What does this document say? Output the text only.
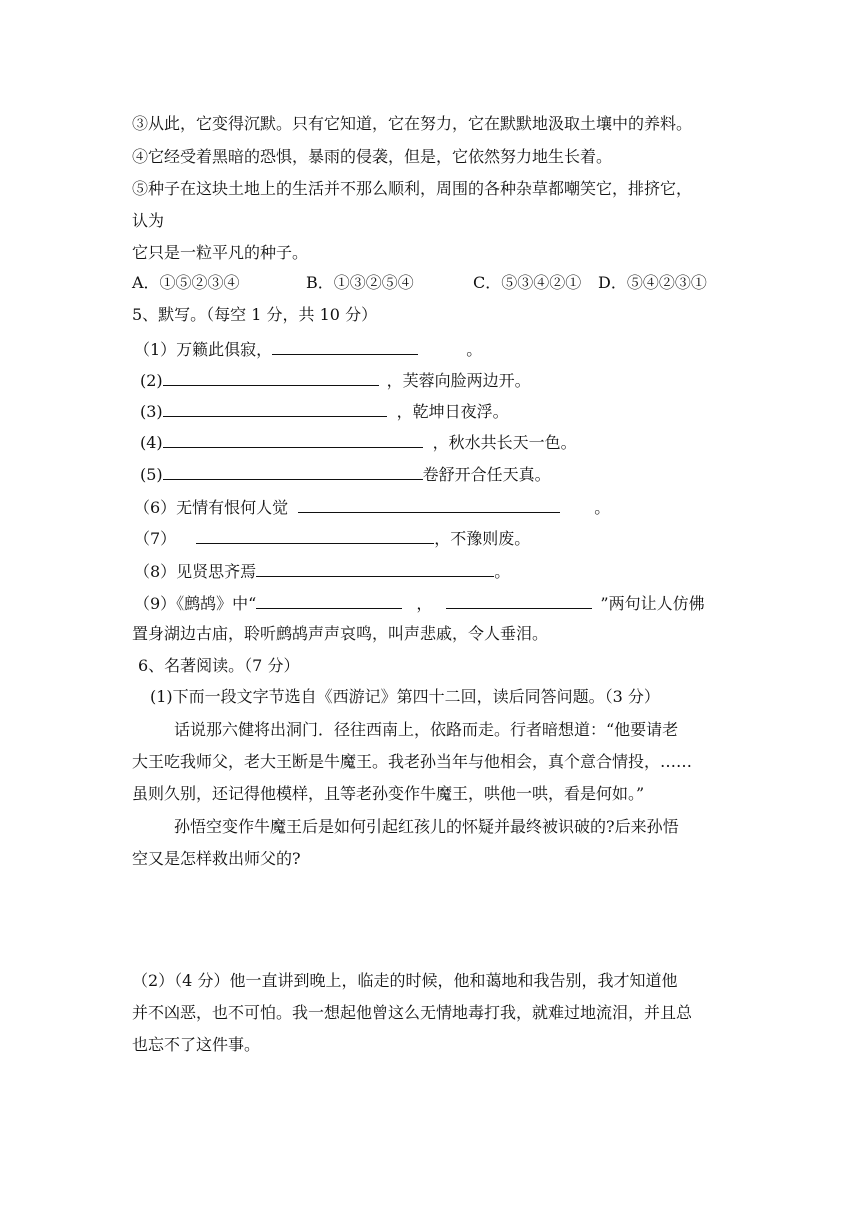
③从此，它变得沉默。只有它知道，它在努力，它在默默地汲取土壤中的养料。
④它经受着黑暗的恐惧，暴雨的侵袭，但是，它依然努力地生长着。
⑤种子在这块土地上的生活并不那么顺利，周围的各种杂草都嘲笑它，排挤它，
认为
它只是一粒平凡的种子。
A．①⑤②③④	B．①③②⑤④	C．⑤③④②① D．⑤④②③①
5、默写。（每空 1 分，共 10 分）
（1）万籁此俱寂，	。
(2)	，芙蓉向脸两边开。
(3)	，乾坤日夜浮。
(4)	，秋水共长天一色。
(5)	卷舒开合任天真。
（6）无情有恨何人觉	。
（7）	，不豫则废。
（8）见贤思齐焉	。
（9）《鹧鸪》中“	，	”两句让人仿佛
置身湖边古庙，聆听鹧鸪声声哀鸣，叫声悲戚，令人垂泪。
6、名著阅读。（7 分）
(1)下而一段文字节选自《西游记》第四十二回，读后同答问题。（3 分）
话说那六健将出洞门．径往西南上，依路而走。行者暗想道：“他要请老
大王吃我师父，老大王断是牛魔王。我老孙当年与他相会，真个意合情投，……
虽则久别，还记得他模样，且等老孙变作牛魔王，哄他一哄，看是何如。”
孙悟空变作牛魔王后是如何引起红孩儿的怀疑并最终被识破的?后来孙悟
空又是怎样救出师父的?
（2）（4 分）他一直讲到晚上，临走的时候，他和蔼地和我告别，我才知道他
并不凶恶，也不可怕。我一想起他曾这么无情地毒打我，就难过地流泪，并且总
也忘不了这件事。
